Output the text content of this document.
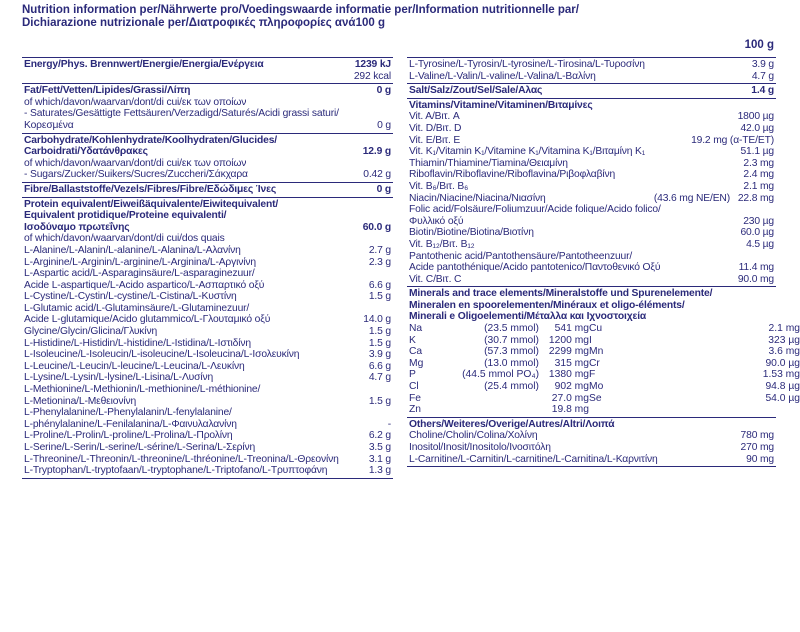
Nutrition information per/Nährwerte pro/Voedingswaarde informatie per/Information nutritionnelle par/
Dichiarazione nutrizionale per/Διατροφικές πληροφορίες ανά 100 g
100 g
Energy/Phys. Brennwert/Energie/Energia/Ενέργεια	1239 kJ
292 kcal
Fat/Fett/Vetten/Lipides/Grassi/Λίπη	0 g
of which/davon/waarvan/dont/di cui/εκ των οποίων
- Saturates/Gesättigte Fettsäuren/Verzadigd/Saturés/Acidi grassi saturi/
Κορεσμένα	0 g
Carbohydrate/Kohlenhydrate/Koolhydraten/Glucides/
Carboidrati/Υδατάνθρακες	12.9 g
of which/davon/waarvan/dont/di cui/εκ των οποίων
- Sugars/Zucker/Suikers/Sucres/Zuccheri/Σάκχαρα	0.42 g
Fibre/Ballaststoffe/Vezels/Fibres/Fibre/Εδώδιμες Ίνες	0 g
Protein equivalent/Eiweißäquivalente/Eiwitequivalent/
Equivalent protidique/Proteine equivalenti/
Ισοδύναμο πρωτεΐνης	60.0 g
of which/davon/waarvan/dont/di cui/dos quais
L-Alanine/L-Alanin/L-alanine/L-Alanina/L-Αλανίνη	2.7 g
L-Arginine/L-Arginin/L-arginine/L-Arginina/L-Αργινίνη	2.3 g
L-Aspartic acid/L-Asparaginsäure/L-asparaginezuur/
Acide L-aspartique/L-Acido aspartico/L-Ασπαρτικό οξύ	6.6 g
L-Cystine/L-Cystin/L-cystine/L-Cistina/L-Κυστίνη	1.5 g
L-Glutamic acid/L-Glutaminsäure/L-Glutaminezuur/
Acide L-glutamique/Acido glutammico/L-Γλουταμικό οξύ	14.0 g
Glycine/Glycin/Glicina/Γλυκίνη	1.5 g
L-Histidine/L-Histidin/L-histidine/L-Istidina/L-Ιστιδίνη	1.5 g
L-Isoleucine/L-Isoleucin/L-isoleucine/L-Isoleucina/L-Ισολευκίνη	3.9 g
L-Leucine/L-Leucin/L-leucine/L-Leucina/L-Λευκίνη	6.6 g
L-Lysine/L-Lysin/L-lysine/L-Lisina/L-Λυσίνη	4.7 g
L-Methionine/L-Methionin/L-methionine/L-méthionine/
L-Metionina/L-Μεθειονίνη	1.5 g
L-Phenylalanine/L-Phenylalanin/L-fenylalanine/
L-phénylalanine/L-Fenilalanina/L-Φαινυλαλανίνη	-
L-Proline/L-Prolin/L-proline/L-Prolina/L-Προλίνη	6.2 g
L-Serine/L-Serin/L-serine/L-sérine/L-Serina/L-Σερίνη	3.5 g
L-Threonine/L-Threonin/L-threonine/L-thréonine/L-Treonina/L-Θρεονίνη	3.1 g
L-Tryptophan/L-tryptofaan/L-tryptophane/L-Triptofano/L-Τρυπτοφάνη	1.3 g
L-Tyrosine/L-Tyrosin/L-tyrosine/L-Tirosina/L-Τυροσίνη	3.9 g
L-Valine/L-Valin/L-valine/L-Valina/L-Βαλίνη	4.7 g
Salt/Salz/Zout/Sel/Sale/Αλας	1.4 g
Vitamins/Vitamine/Vitaminen/Βιταμίνες
Vit. A/Βιτ. A	1800 µg
Vit. D/Βιτ. D	42.0 µg
Vit. E/Βιτ. E	19.2 mg (α-TE/ET)
Vit. K₁/Vitamin K₁/Vitamine K₁/Vitamina K₁/Βιταμίνη K₁	51.1 µg
Thiamin/Thiamine/Tiamina/Θειαμίνη	2.3 mg
Riboflavin/Riboflavine/Riboflavina/Ριβοφλαβίνη	2.4 mg
Vit. B₆/Βιτ. B₆	2.1 mg
Niacin/Niacine/Niacina/Νιασίνη	(43.6 mg NE/EN) 22.8 mg
Folic acid/Folsäure/Foliumzuur/Acide folique/Acido folico/
Φυλλικό οξύ	230 µg
Biotin/Biotine/Biotina/Βιοτίνη	60.0 µg
Vit. B₁₂/Βιτ. B₁₂	4.5 µg
Pantothenic acid/Pantothensäure/Pantotheenzuur/
Acide pantothénique/Acido pantotenico/Παντοθενικό Οξύ	11.4 mg
Vit. C/Βιτ. C	90.0 mg
Minerals and trace elements/Mineralstoffe und Spurenelemente/
Mineralen en spoorelementen/Minéraux et oligo-éléments/
Minerali e Oligoelementi/Μέταλλα και Ιχνοστοιχεία
Na	(23.5 mmol)	541 mg Cu	2.1 mg
K	(30.7 mmol) 1200 mg I	323 µg
Ca	(57.3 mmol) 2299 mg Mn	3.6 mg
Mg	(13.0 mmol)	315 mg Cr	90.0 µg
P	(44.5 mmol PO₄) 1380 mg F	1.53 mg
Cl	(25.4 mmol)	902 mg Mo	94.8 µg
Fe	27.0 mg Se	54.0 µg
Zn	19.8 mg
Others/Weiteres/Overige/Autres/Altri/Λοιπά
Choline/Cholin/Colina/Χολίνη	780 mg
Inositol/Inosit/Inositolo/Ινοσιτόλη	270 mg
L-Carnitine/L-Carnitin/L-carnitine/L-Carnitina/L-Καρνιτίνη	90 mg
